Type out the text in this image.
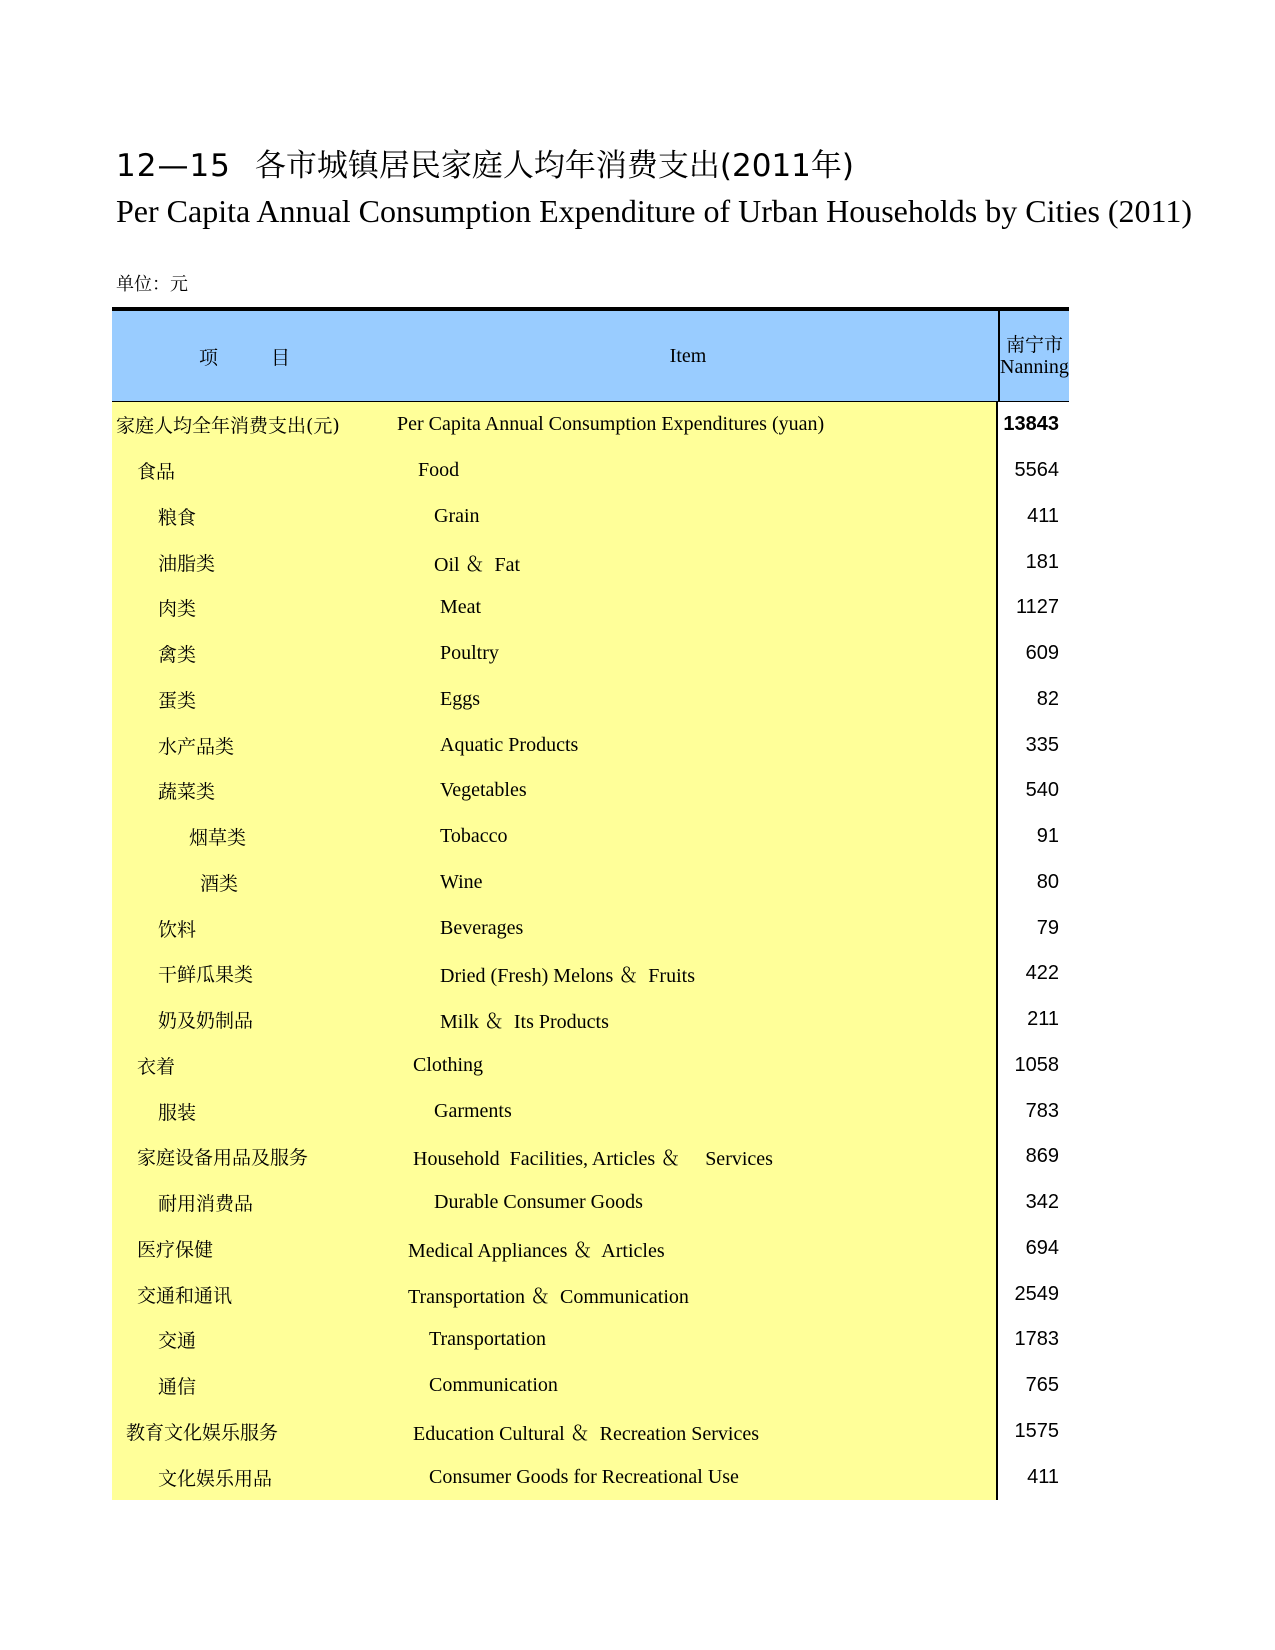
12—15 各市城镇居民家庭人均年消费支出(2011年)
Per Capita Annual Consumption Expenditure of Urban Households by Cities (2011)
单位：元
项	目	Item	南宁市
Nanning
家庭人均全年消费支出(元)	Per Capita Annual Consumption Expenditures (yuan)	13843
食品	Food	5564
粮食	Grain	411
油脂类	Oil ＆  Fat	181
肉类	Meat	1127
禽类	Poultry	609
蛋类	Eggs	82
水产品类	Aquatic Products	335
蔬菜类	Vegetables	540
烟草类	Tobacco	91
酒类	Wine	80
饮料	Beverages	79
干鲜瓜果类	Dried (Fresh) Melons ＆  Fruits	422
奶及奶制品	Milk ＆  Its Products	211
衣着	Clothing	1058
服装	Garments	783
家庭设备用品及服务	Household  Facilities, Articles ＆     Services	869
耐用消费品	Durable Consumer Goods	342
医疗保健	Medical Appliances ＆  Articles	694
交通和通讯	Transportation ＆  Communication	2549
交通	Transportation	1783
通信	Communication	765
教育文化娱乐服务	Education Cultural ＆  Recreation Services	1575
文化娱乐用品	Consumer Goods for Recreational Use	411
